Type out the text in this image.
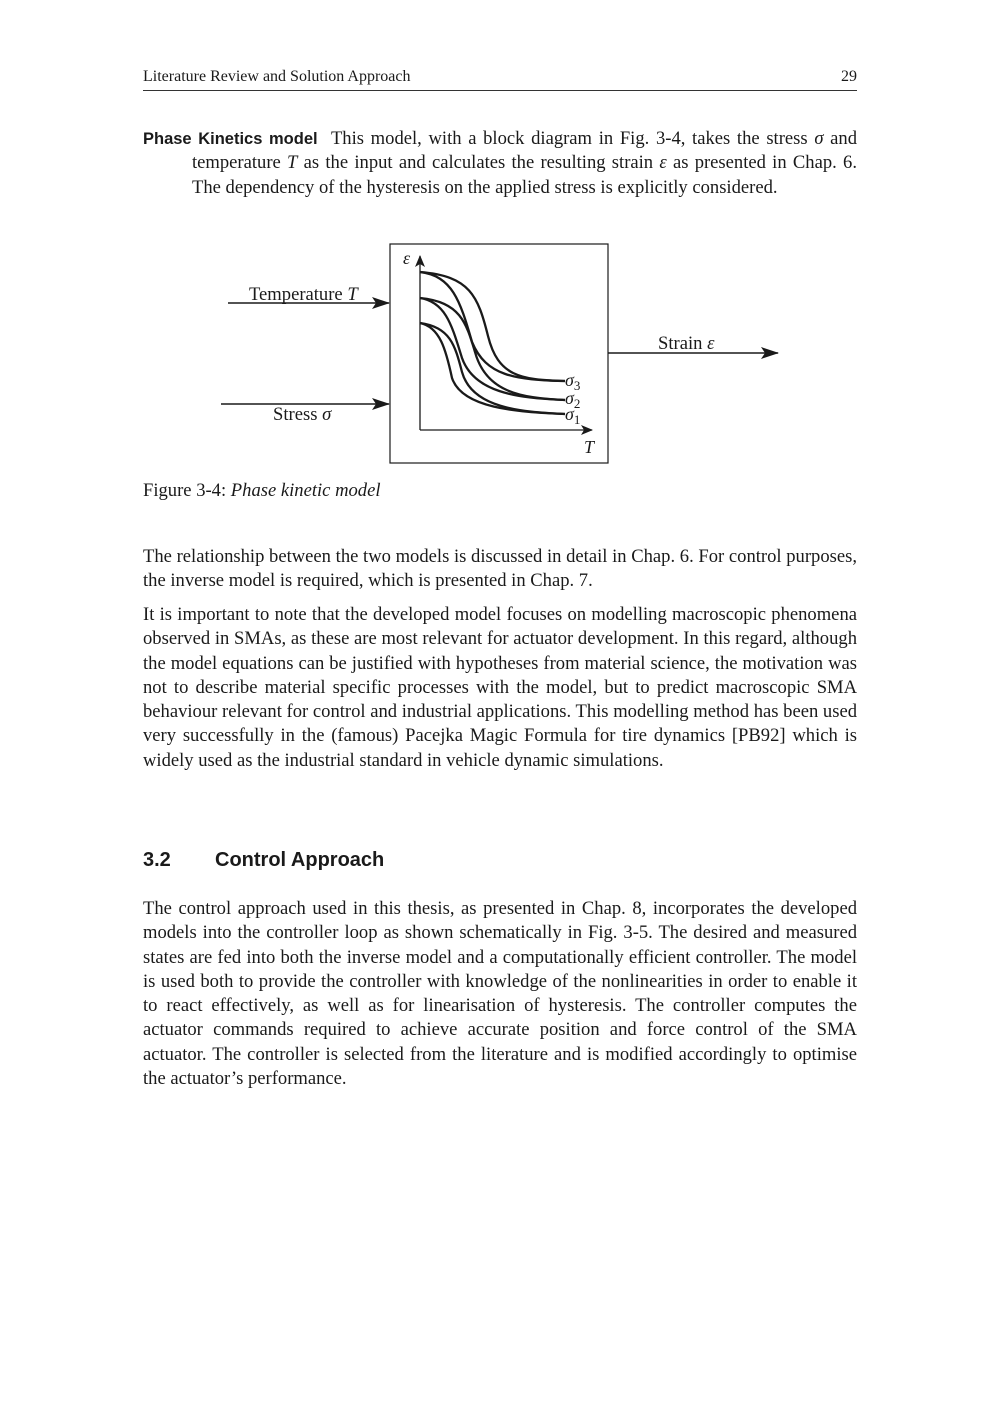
Literature Review and Solution Approach	29

Phase Kinetics model This model, with a block diagram in Fig. 3-4, takes the stress σ and temperature T as the input and calculates the resulting strain ε as presented in Chap. 6. The dependency of the hysteresis on the applied stress is explicitly considered.

Temperature T
Stress σ
ε
T
$\sigma_3$
$\sigma_2$
$\sigma_1$
Strain ε
Figure 3-4: Phase kinetic model

The relationship between the two models is discussed in detail in Chap. 6. For control purposes, the inverse model is required, which is presented in Chap. 7.

It is important to note that the developed model focuses on modelling macroscopic phenomena observed in SMAs, as these are most relevant for actuator development. In this regard, although the model equations can be justified with hypotheses from material science, the motivation was not to describe material specific processes with the model, but to predict macroscopic SMA behaviour relevant for control and industrial applications. This modelling method has been used very successfully in the (famous) Pacejka Magic Formula for tire dynamics [PB92] which is widely used as the industrial standard in vehicle dynamic simulations.

3.2 Control Approach

The control approach used in this thesis, as presented in Chap. 8, incorporates the developed models into the controller loop as shown schematically in Fig. 3-5. The desired and measured states are fed into both the inverse model and a computationally efficient controller. The model is used both to provide the controller with knowledge of the nonlinearities in order to enable it to react effectively, as well as for linearisation of hysteresis. The controller computes the actuator commands required to achieve accurate position and force control of the SMA actuator. The controller is selected from the literature and is modified accordingly to optimise the actuator’s performance.
